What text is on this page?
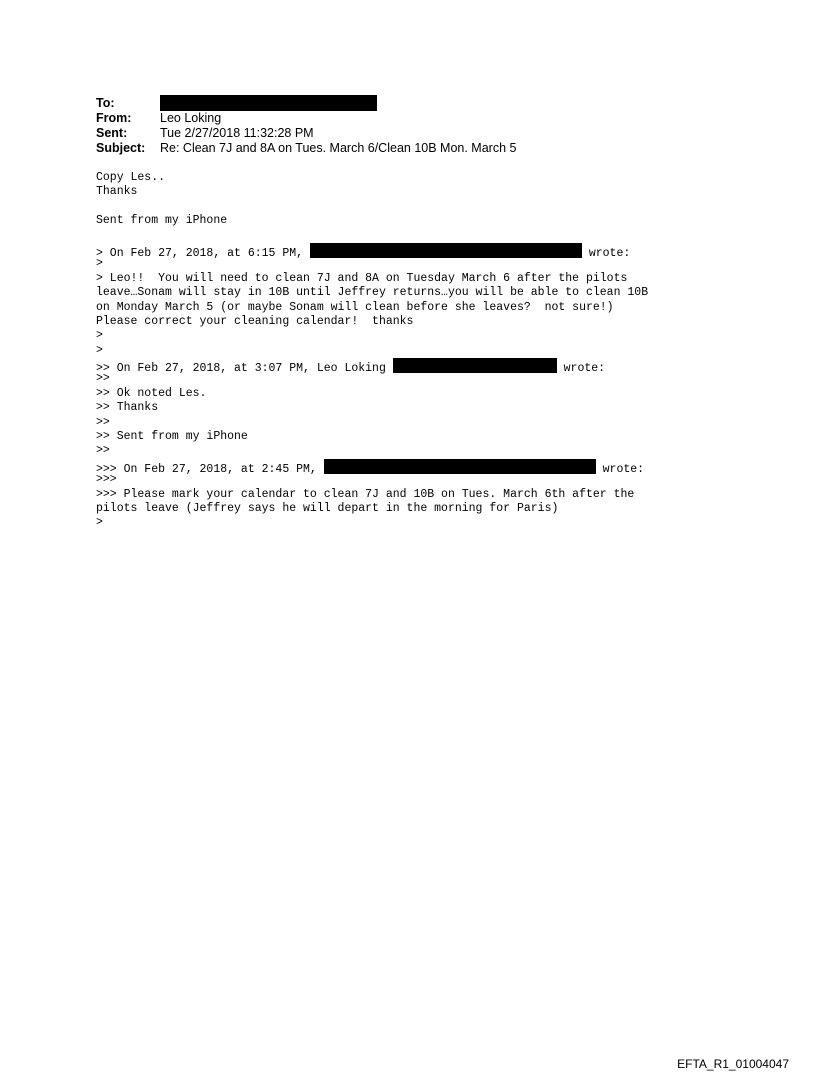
To:
From:	Leo Loking
Sent:	Tue 2/27/2018 11:32:28 PM
Subject:	Re: Clean 7J and 8A on Tues. March 6/Clean 10B Mon. March 5
Copy Les..
Thanks
Sent from my iPhone
> On Feb 27, 2018, at 6:15 PM,	wrote:
>
> Leo!!  You will need to clean 7J and 8A on Tuesday March 6 after the pilots
leave…Sonam will stay in 10B until Jeffrey returns…you will be able to clean 10B
on Monday March 5 (or maybe Sonam will clean before she leaves?  not sure!)
Please correct your cleaning calendar!  thanks
>
>
>> On Feb 27, 2018, at 3:07 PM, Leo Loking	wrote:
>>
>> Ok noted Les.
>> Thanks
>>
>> Sent from my iPhone
>>
>>> On Feb 27, 2018, at 2:45 PM,	wrote:
>>>
>>> Please mark your calendar to clean 7J and 10B on Tues. March 6th after the
pilots leave (Jeffrey says he will depart in the morning for Paris)
>
EFTA_R1_01004047
